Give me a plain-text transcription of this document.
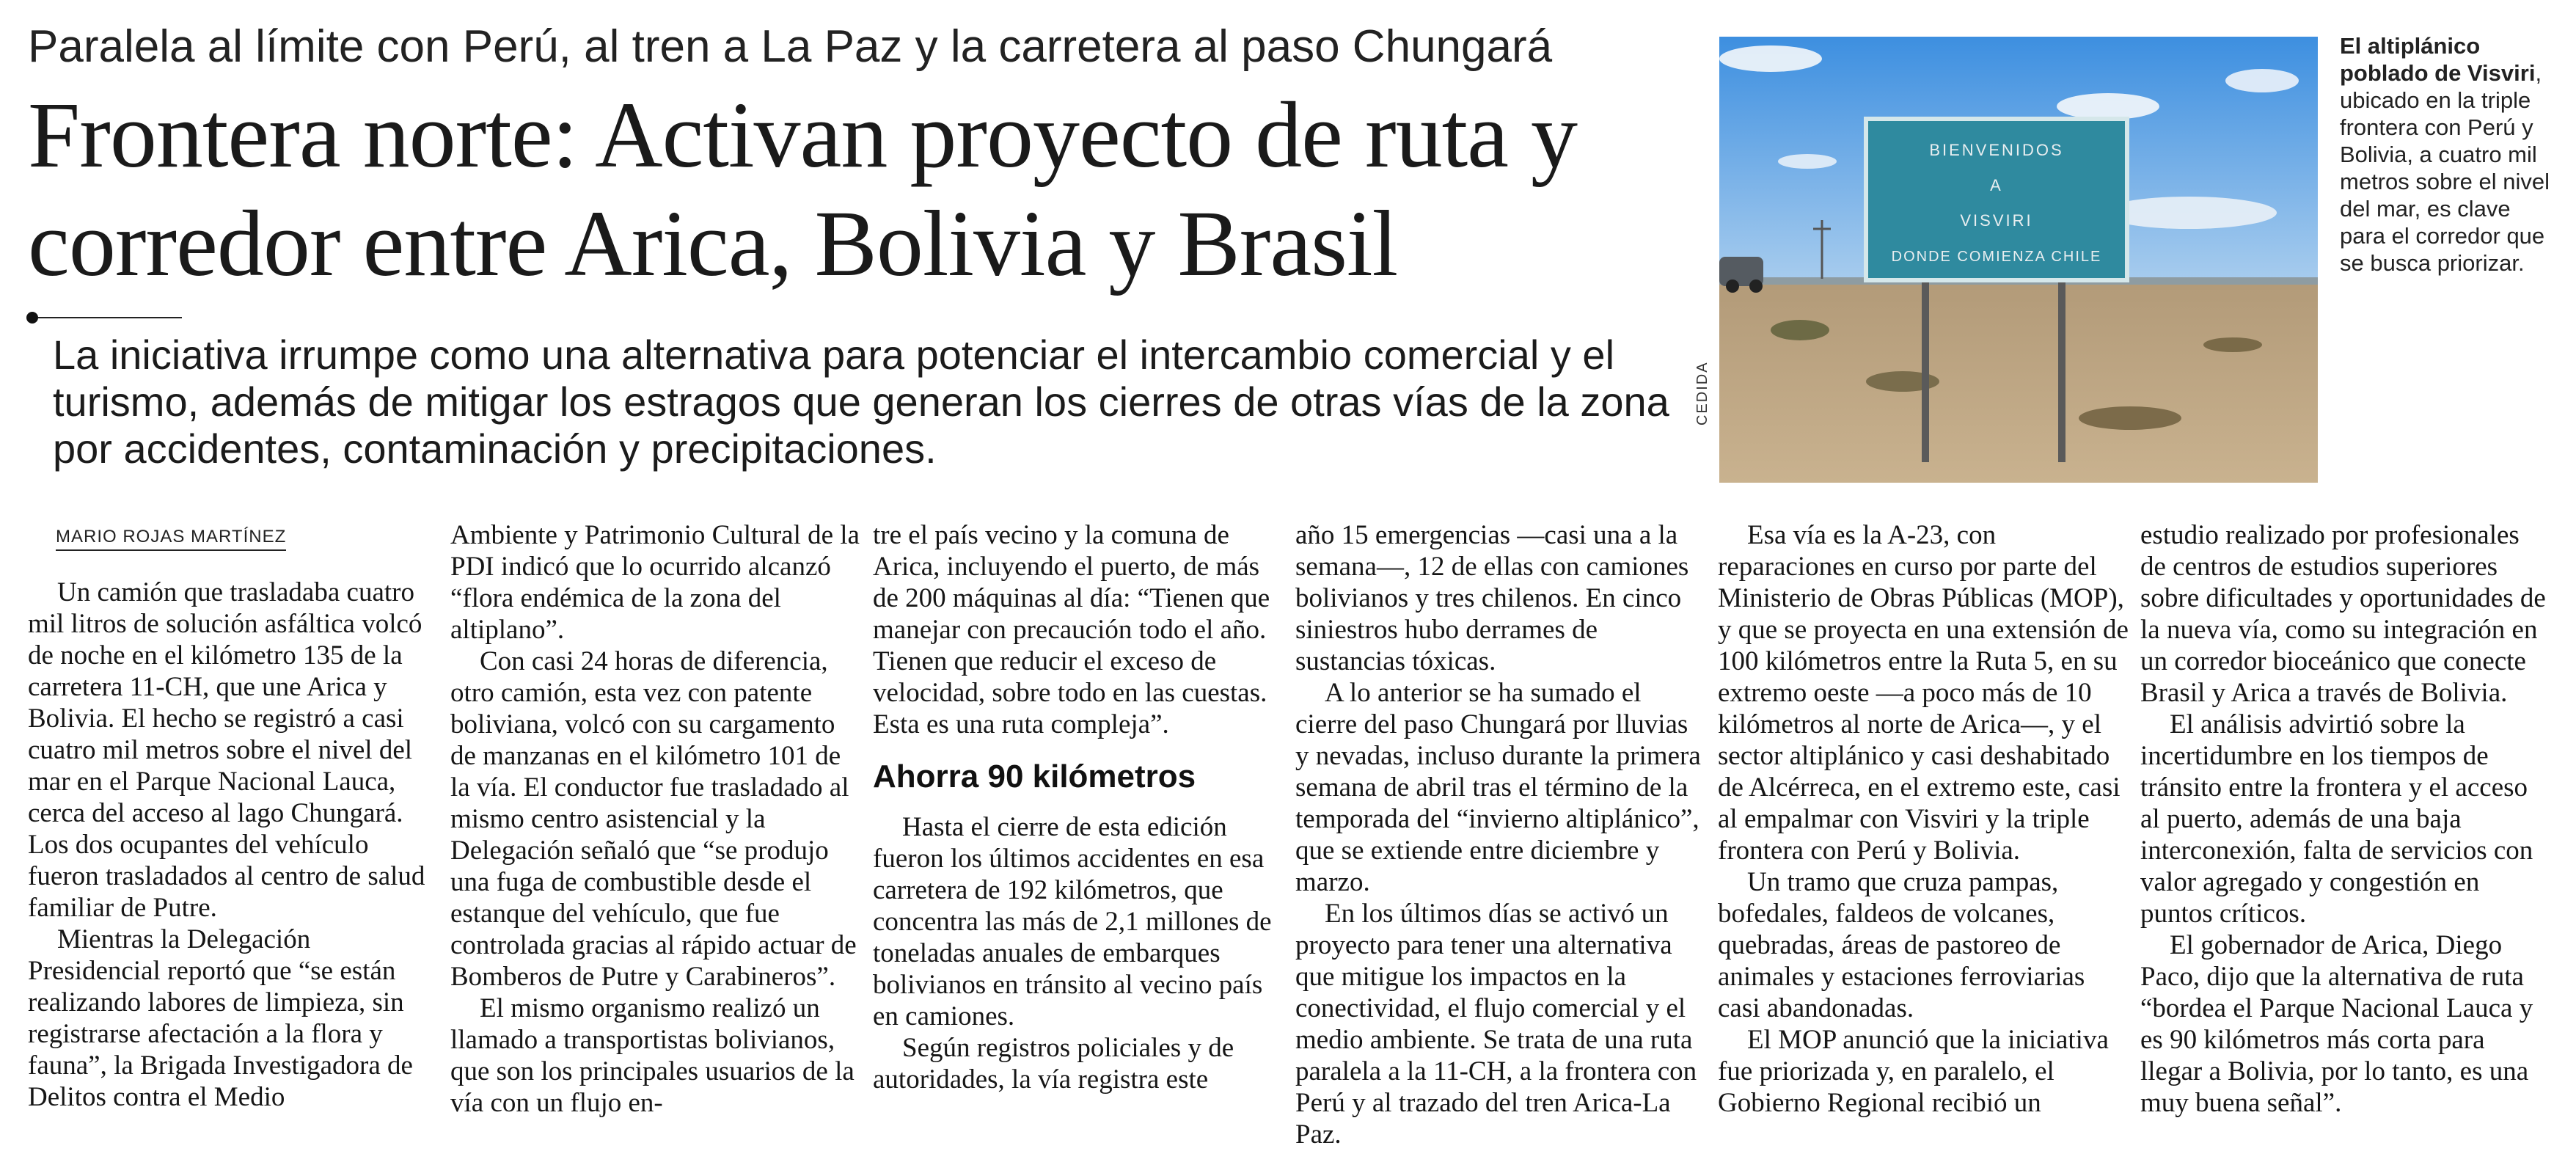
Paralela al límite con Perú, al tren a La Paz y la carretera al paso Chungará
Frontera norte: Activan proyecto de ruta y corredor entre Arica, Bolivia y Brasil
La iniciativa irrumpe como una alternativa para potenciar el intercambio comercial y el turismo, además de mitigar los estragos que generan los cierres de otras vías de la zona por accidentes, contaminación y precipitaciones.
BIENVENIDOS
A
VISVIRI
DONDE COMIENZA CHILE
CEDIDA
El altiplánico poblado de Visviri, ubicado en la triple frontera con Perú y Bolivia, a cuatro mil metros sobre el nivel del mar, es clave para el corredor que se busca priorizar.
MARIO ROJAS MARTÍNEZ

Un camión que trasladaba cuatro mil litros de solución asfáltica volcó de noche en el kilómetro 135 de la carretera 11-CH, que une Arica y Bolivia. El hecho se registró a casi cuatro mil metros sobre el nivel del mar en el Parque Nacional Lauca, cerca del acceso al lago Chungará. Los dos ocupantes del vehículo fueron trasladados al centro de salud familiar de Putre.

Mientras la Delegación Presidencial reportó que “se están realizando labores de limpieza, sin registrarse afectación a la flora y fauna”, la Brigada Investigadora de Delitos contra el Medio

Ambiente y Patrimonio Cultural de la PDI indicó que lo ocurrido alcanzó “flora endémica de la zona del altiplano”.

Con casi 24 horas de diferencia, otro camión, esta vez con patente boliviana, volcó con su cargamento de manzanas en el kilómetro 101 de la vía. El conductor fue trasladado al mismo centro asistencial y la Delegación señaló que “se produjo una fuga de combustible desde el estanque del vehículo, que fue controlada gracias al rápido actuar de Bomberos de Putre y Carabineros”.

El mismo organismo realizó un llamado a transportistas bolivianos, que son los principales usuarios de la vía con un flujo en-

tre el país vecino y la comuna de Arica, incluyendo el puerto, de más de 200 máquinas al día: “Tienen que manejar con precaución todo el año. Tienen que reducir el exceso de velocidad, sobre todo en las cuestas. Esta es una ruta compleja”.

Ahorra 90 kilómetros

Hasta el cierre de esta edición fueron los últimos accidentes en esa carretera de 192 kilómetros, que concentra las más de 2,1 millones de toneladas anuales de embarques bolivianos en tránsito al vecino país en camiones.

Según registros policiales y de autoridades, la vía registra este

año 15 emergencias —casi una a la semana—, 12 de ellas con camiones bolivianos y tres chilenos. En cinco siniestros hubo derrames de sustancias tóxicas.

A lo anterior se ha sumado el cierre del paso Chungará por lluvias y nevadas, incluso durante la primera semana de abril tras el término de la temporada del “invierno altiplánico”, que se extiende entre diciembre y marzo.

En los últimos días se activó un proyecto para tener una alternativa que mitigue los impactos en la conectividad, el flujo comercial y el medio ambiente. Se trata de una ruta paralela a la 11-CH, a la frontera con Perú y al trazado del tren Arica-La Paz.

Esa vía es la A-23, con reparaciones en curso por parte del Ministerio de Obras Públicas (MOP), y que se proyecta en una extensión de 100 kilómetros entre la Ruta 5, en su extremo oeste —a poco más de 10 kilómetros al norte de Arica—, y el sector altiplánico y casi deshabitado de Alcérreca, en el extremo este, casi al empalmar con Visviri y la triple frontera con Perú y Bolivia.

Un tramo que cruza pampas, bofedales, faldeos de volcanes, quebradas, áreas de pastoreo de animales y estaciones ferroviarias casi abandonadas.

El MOP anunció que la iniciativa fue priorizada y, en paralelo, el Gobierno Regional recibió un

estudio realizado por profesionales de centros de estudios superiores sobre dificultades y oportunidades de la nueva vía, como su integración en un corredor bioceánico que conecte Brasil y Arica a través de Bolivia.

El análisis advirtió sobre la incertidumbre en los tiempos de tránsito entre la frontera y el acceso al puerto, además de una baja interconexión, falta de servicios con valor agregado y congestión en puntos críticos.

El gobernador de Arica, Diego Paco, dijo que la alternativa de ruta “bordea el Parque Nacional Lauca y es 90 kilómetros más corta para llegar a Bolivia, por lo tanto, es una muy buena señal”.
